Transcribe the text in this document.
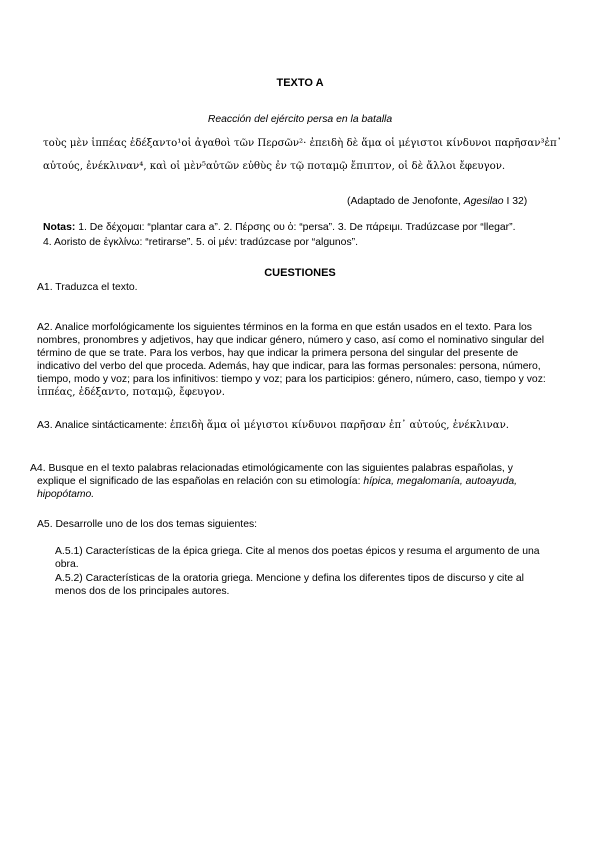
TEXTO A
Reacción del ejército persa en la batalla
τοὺς μὲν ἱππέας ἐδέξαντο¹οἱ ἀγαθοὶ τῶν Περσῶν²· ἐπειδὴ δὲ ἅμα οἱ μέγιστοι κίνδυνοι παρῆσαν³ἐπ᾽
αὐτούς, ἐνέκλιναν⁴, καὶ οἱ μὲν⁵αὐτῶν εὐθὺς ἐν τῷ ποταμῷ ἔπιπτον, οἱ δὲ ἄλλοι ἔφευγον.
(Adaptado de Jenofonte, Agesilao I 32)
Notas: 1. De δέχομαι: “plantar cara a”. 2. Πέρσης ου ὁ: “persa”. 3. De πάρειμι. Tradúzcase por “llegar”.
4. Aoristo de ἐγκλίνω: “retirarse”. 5. οἱ μέν: tradúzcase por “algunos”.
CUESTIONES
A1. Traduzca el texto.
A2. Analice morfológicamente los siguientes términos en la forma en que están usados en el texto. Para los
nombres, pronombres y adjetivos, hay que indicar género, número y caso, así como el nominativo singular del
término de que se trate. Para los verbos, hay que indicar la primera persona del singular del presente de
indicativo del verbo del que proceda. Además, hay que indicar, para las formas personales: persona, número,
tiempo, modo y voz; para los infinitivos: tiempo y voz; para los participios: género, número, caso, tiempo y voz:
ἱππέας, ἐδέξαντο, ποταμῷ, ἔφευγον.
A3. Analice sintácticamente: ἐπειδὴ ἅμα οἱ μέγιστοι κίνδυνοι παρῆσαν ἐπ᾽ αὐτούς, ἐνέκλιναν.
A4. Busque en el texto palabras relacionadas etimológicamente con las siguientes palabras españolas, y
explique el significado de las españolas en relación con su etimología: hípica, megalomanía, autoayuda,
hipopótamo.
A5. Desarrolle uno de los dos temas siguientes:
A.5.1) Características de la épica griega. Cite al menos dos poetas épicos y resuma el argumento de una
obra.
A.5.2) Características de la oratoria griega. Mencione y defina los diferentes tipos de discurso y cite al
menos dos de los principales autores.
